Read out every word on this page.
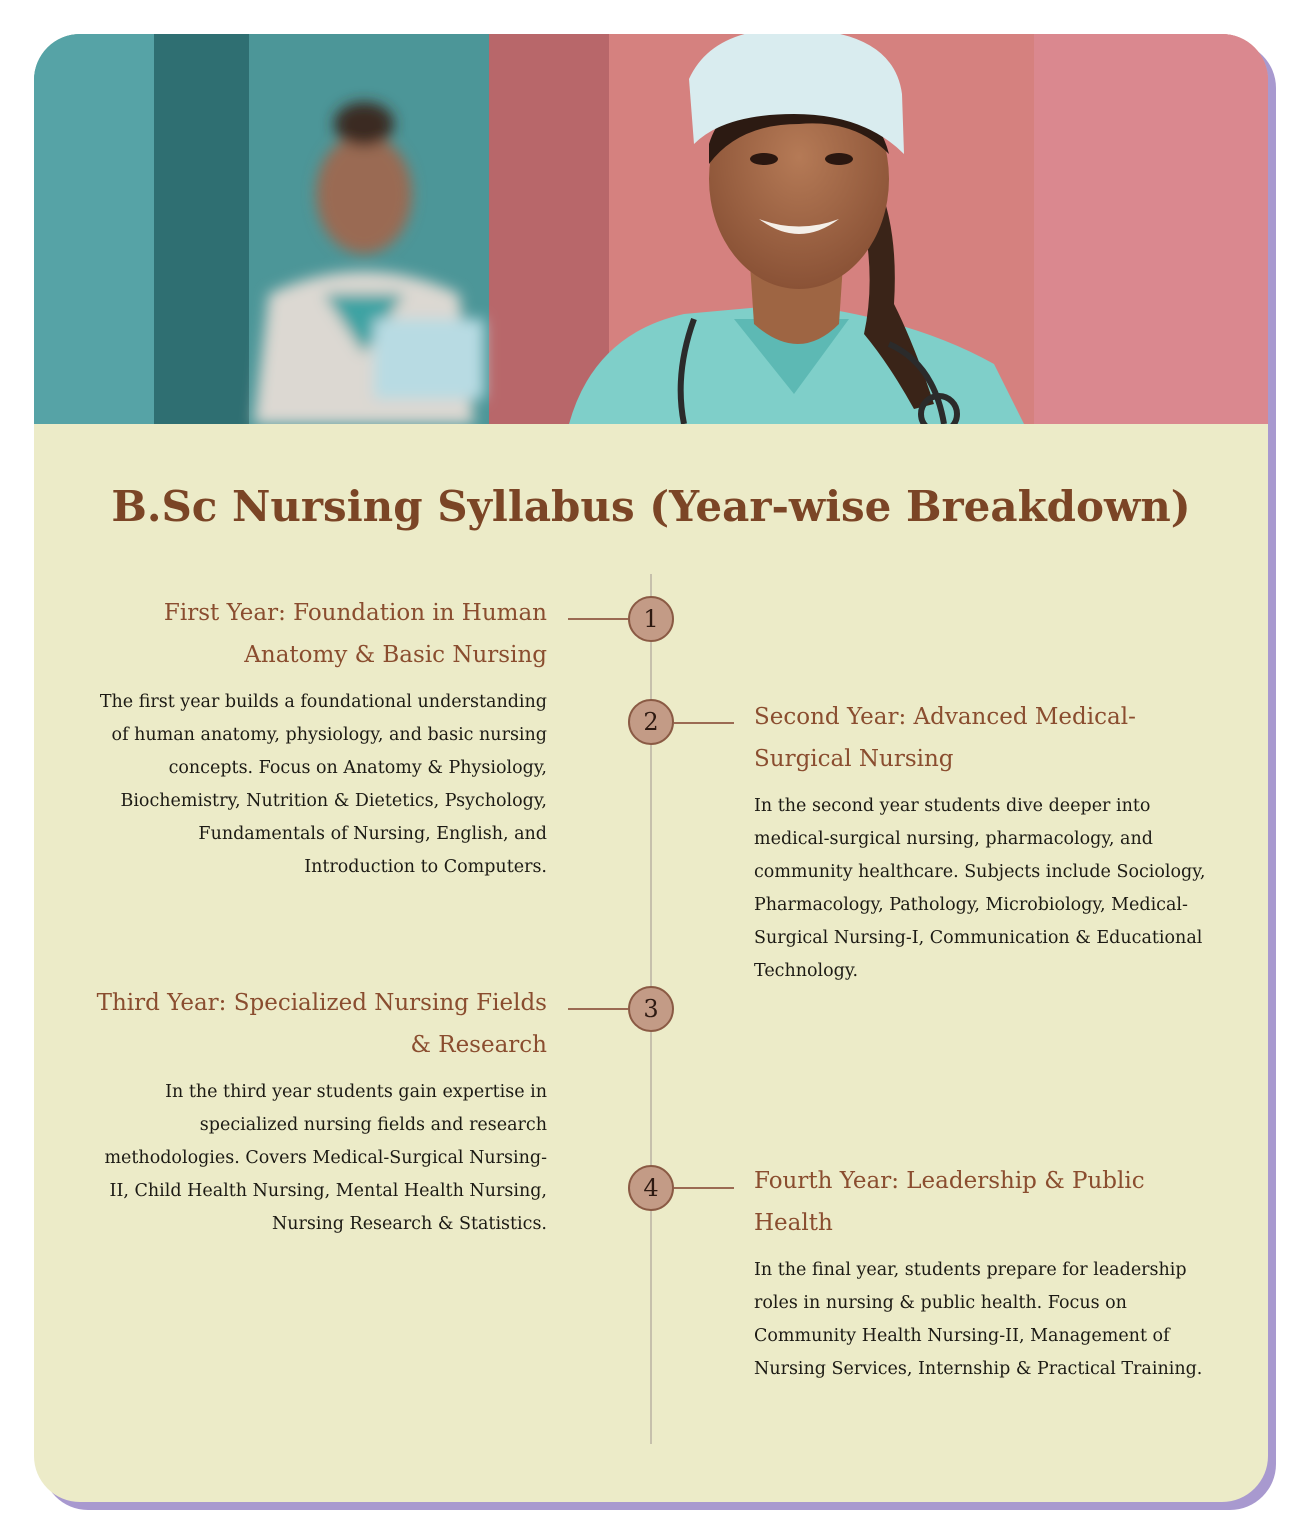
B.Sc Nursing Syllabus (Year-wise Breakdown)
1
First Year: Foundation in Human Anatomy & Basic Nursing

The first year builds a foundational understanding of human anatomy, physiology, and basic nursing concepts. Focus on Anatomy & Physiology, Biochemistry, Nutrition & Dietetics, Psychology, Fundamentals of Nursing, English, and Introduction to Computers.

2	Second Year: Advanced Medical-Surgical Nursing

In the second year students dive deeper into medical-surgical nursing, pharmacology, and community healthcare. Subjects include Sociology, Pharmacology, Pathology, Microbiology, Medical-Surgical Nursing-I, Communication & Educational Technology.

3
Third Year: Specialized Nursing Fields & Research

In the third year students gain expertise in specialized nursing fields and research methodologies. Covers Medical-Surgical Nursing-II, Child Health Nursing, Mental Health Nursing, Nursing Research & Statistics.

4	Fourth Year: Leadership & Public Health

In the final year, students prepare for leadership roles in nursing & public health. Focus on Community Health Nursing-II, Management of Nursing Services, Internship & Practical Training.
